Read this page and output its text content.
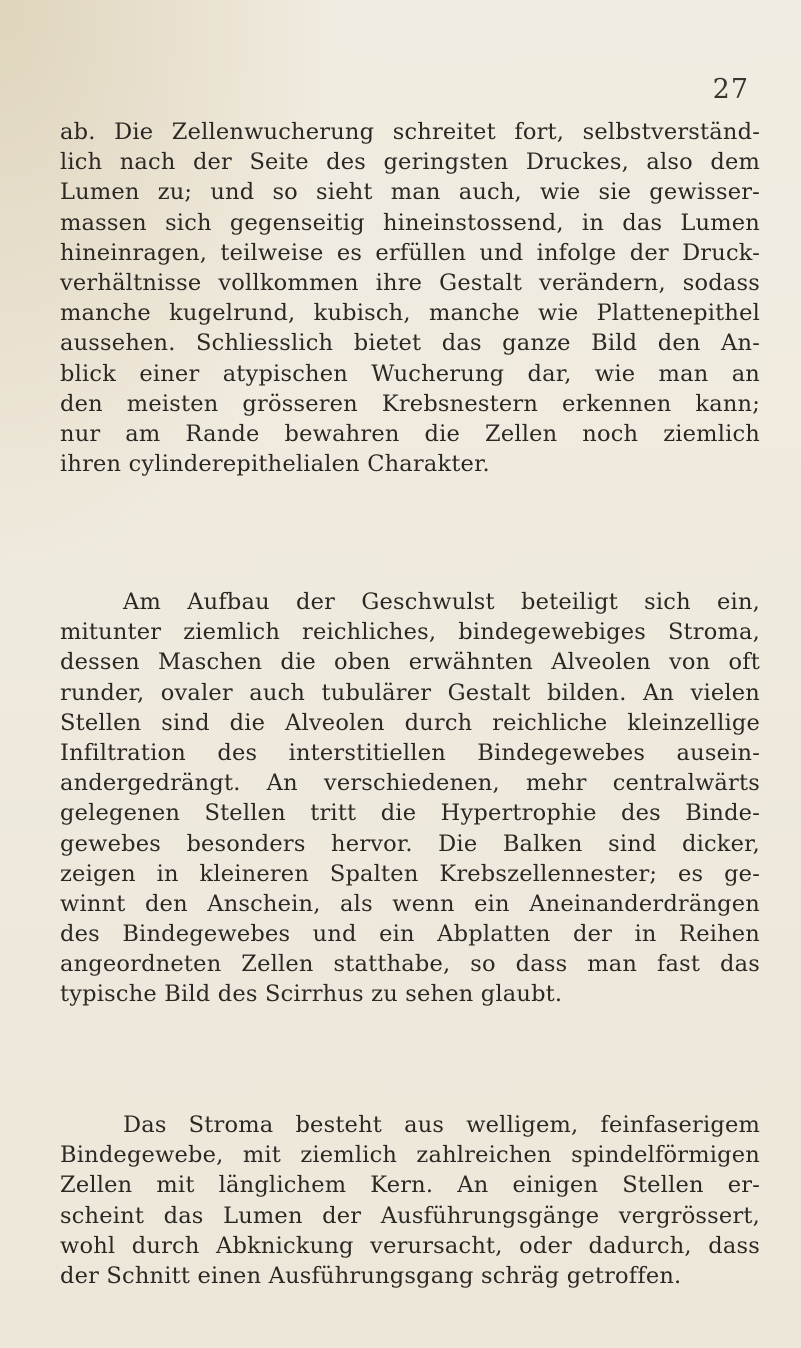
27
ab. Die Zellenwucherung schreitet fort, selbstverständ-
lich nach der Seite des geringsten Druckes, also dem
Lumen zu; und so sieht man auch, wie sie gewisser-
massen sich gegenseitig hineinstossend, in das Lumen
hineinragen, teilweise es erfüllen und infolge der Druck-
verhältnisse vollkommen ihre Gestalt verändern, sodass
manche kugelrund, kubisch, manche wie Plattenepithel
aussehen. Schliesslich bietet das ganze Bild den An-
blick einer atypischen Wucherung dar, wie man an
den meisten grösseren Krebsnestern erkennen kann;
nur am Rande bewahren die Zellen noch ziemlich
ihren cylinderepithelialen Charakter.
Am Aufbau der Geschwulst beteiligt sich ein,
mitunter ziemlich reichliches, bindegewebiges Stroma,
dessen Maschen die oben erwähnten Alveolen von oft
runder, ovaler auch tubulärer Gestalt bilden. An vielen
Stellen sind die Alveolen durch reichliche kleinzellige
Infiltration des interstitiellen Bindegewebes ausein-
andergedrängt. An verschiedenen, mehr centralwärts
gelegenen Stellen tritt die Hypertrophie des Binde-
gewebes besonders hervor. Die Balken sind dicker,
zeigen in kleineren Spalten Krebszellennester; es ge-
winnt den Anschein, als wenn ein Aneinanderdrängen
des Bindegewebes und ein Abplatten der in Reihen
angeordneten Zellen statthabe, so dass man fast das
typische Bild des Scirrhus zu sehen glaubt.
Das Stroma besteht aus welligem, feinfaserigem
Bindegewebe, mit ziemlich zahlreichen spindelförmigen
Zellen mit länglichem Kern. An einigen Stellen er-
scheint das Lumen der Ausführungsgänge vergrössert,
wohl durch Abknickung verursacht, oder dadurch, dass
der Schnitt einen Ausführungsgang schräg getroffen.
